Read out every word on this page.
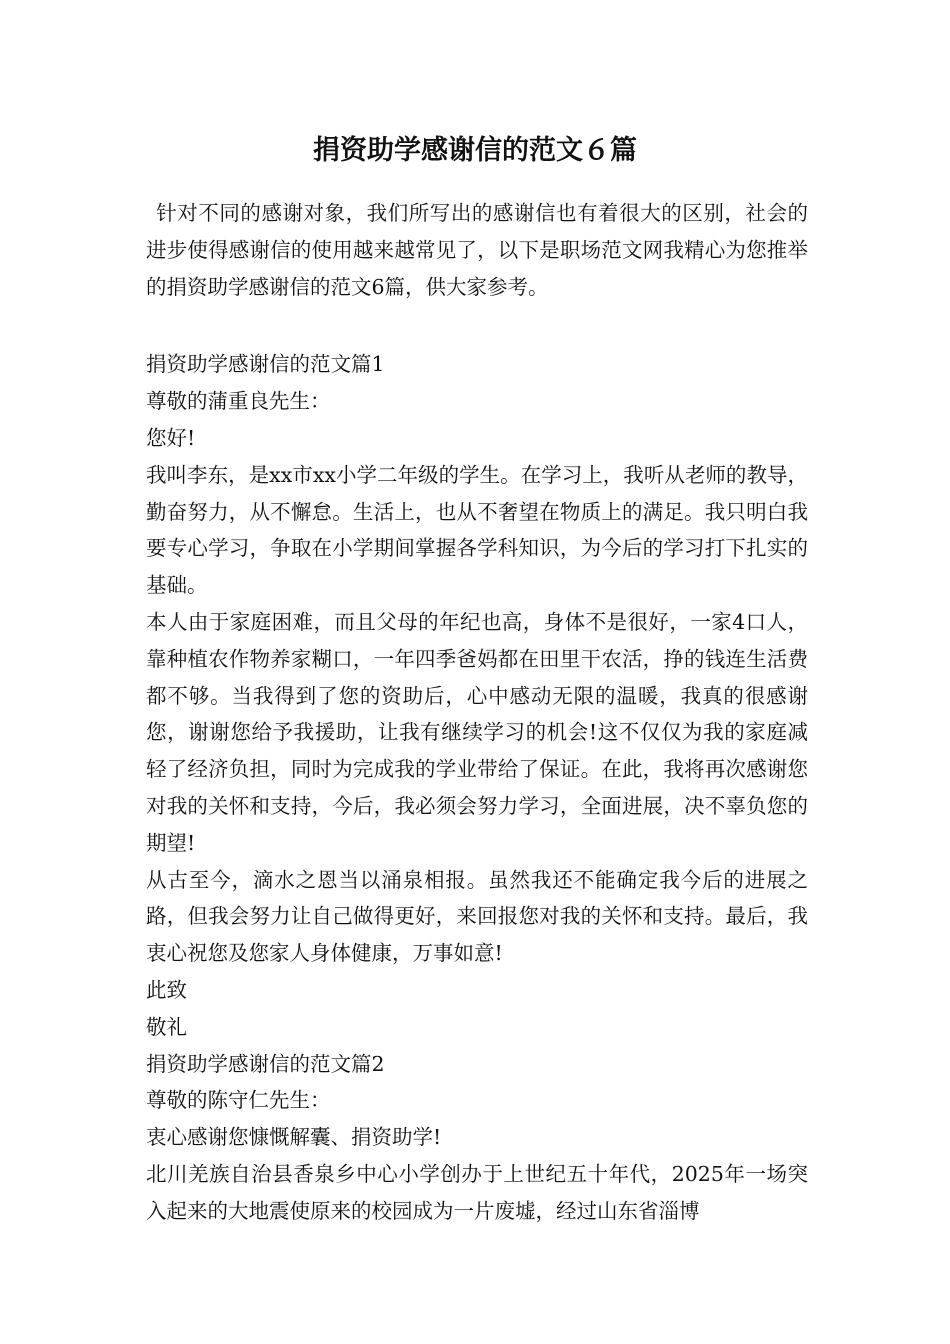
捐资助学感谢信的范文６篇

针对不同的感谢对象，我们所写出的感谢信也有着很大的区别，社会的进步使得感谢信的使用越来越常见了，以下是职场范文网我精心为您推举的捐资助学感谢信的范文6篇，供大家参考。

捐资助学感谢信的范文篇1

尊敬的蒲重良先生：

您好!

我叫李东，是xx市xx小学二年级的学生。在学习上，我听从老师的教导，勤奋努力，从不懈怠。生活上，也从不奢望在物质上的满足。我只明白我要专心学习，争取在小学期间掌握各学科知识，为今后的学习打下扎实的基础。

本人由于家庭困难，而且父母的年纪也高，身体不是很好，一家4口人，靠种植农作物养家糊口，一年四季爸妈都在田里干农活，挣的钱连生活费都不够。当我得到了您的资助后，心中感动无限的温暖，我真的很感谢您，谢谢您给予我援助，让我有继续学习的机会!这不仅仅为我的家庭减轻了经济负担，同时为完成我的学业带给了保证。在此，我将再次感谢您对我的关怀和支持，今后，我必须会努力学习，全面进展，决不辜负您的期望!

从古至今，滴水之恩当以涌泉相报。虽然我还不能确定我今后的进展之路，但我会努力让自己做得更好，来回报您对我的关怀和支持。最后，我衷心祝您及您家人身体健康，万事如意!

此致

敬礼

捐资助学感谢信的范文篇2

尊敬的陈守仁先生：

衷心感谢您慷慨解囊、捐资助学!

北川羌族自治县香泉乡中心小学创办于上世纪五十年代，2025年一场突入起来的大地震使原来的校园成为一片废墟，经过山东省淄博
